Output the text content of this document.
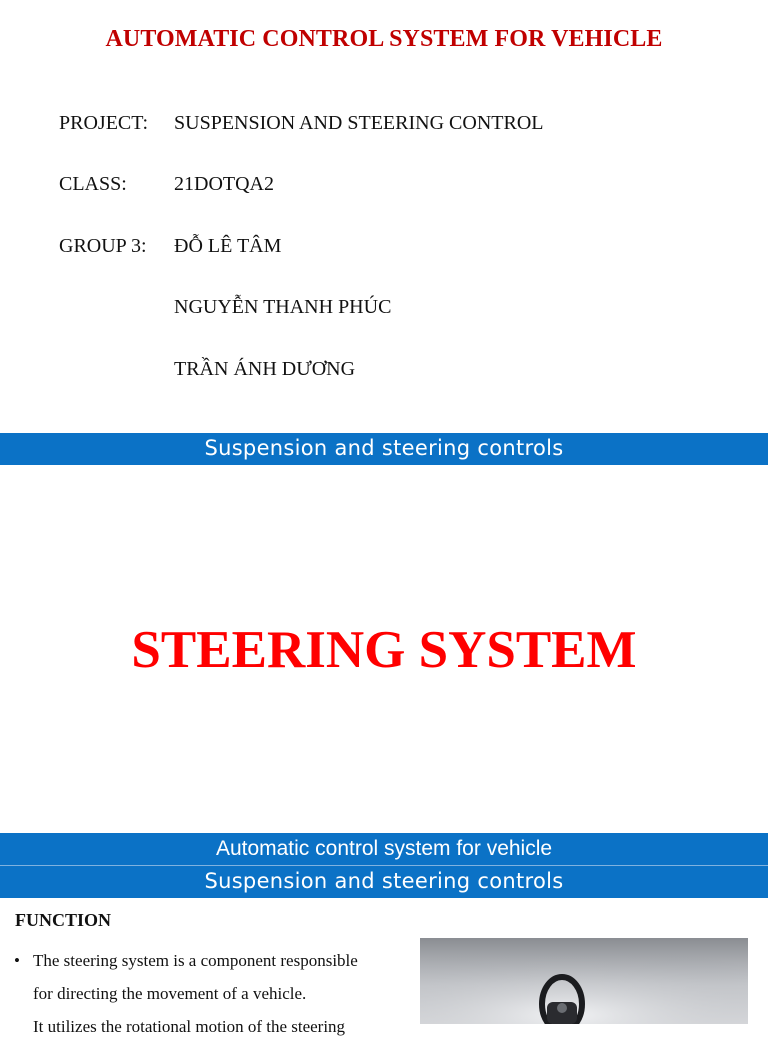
AUTOMATIC CONTROL SYSTEM FOR VEHICLE
PROJECT: SUSPENSION AND STEERING CONTROL
CLASS: 21DOTQA2
GROUP 3: ĐỖ LÊ TÂM
NGUYỄN THANH PHÚC
TRẦN ÁNH DƯƠNG
Suspension and steering controls
STEERING SYSTEM
Automatic control system for vehicle
Suspension and steering controls
FUNCTION
• The steering system is a component responsible
for directing the movement of a vehicle.
It utilizes the rotational motion of the steering
